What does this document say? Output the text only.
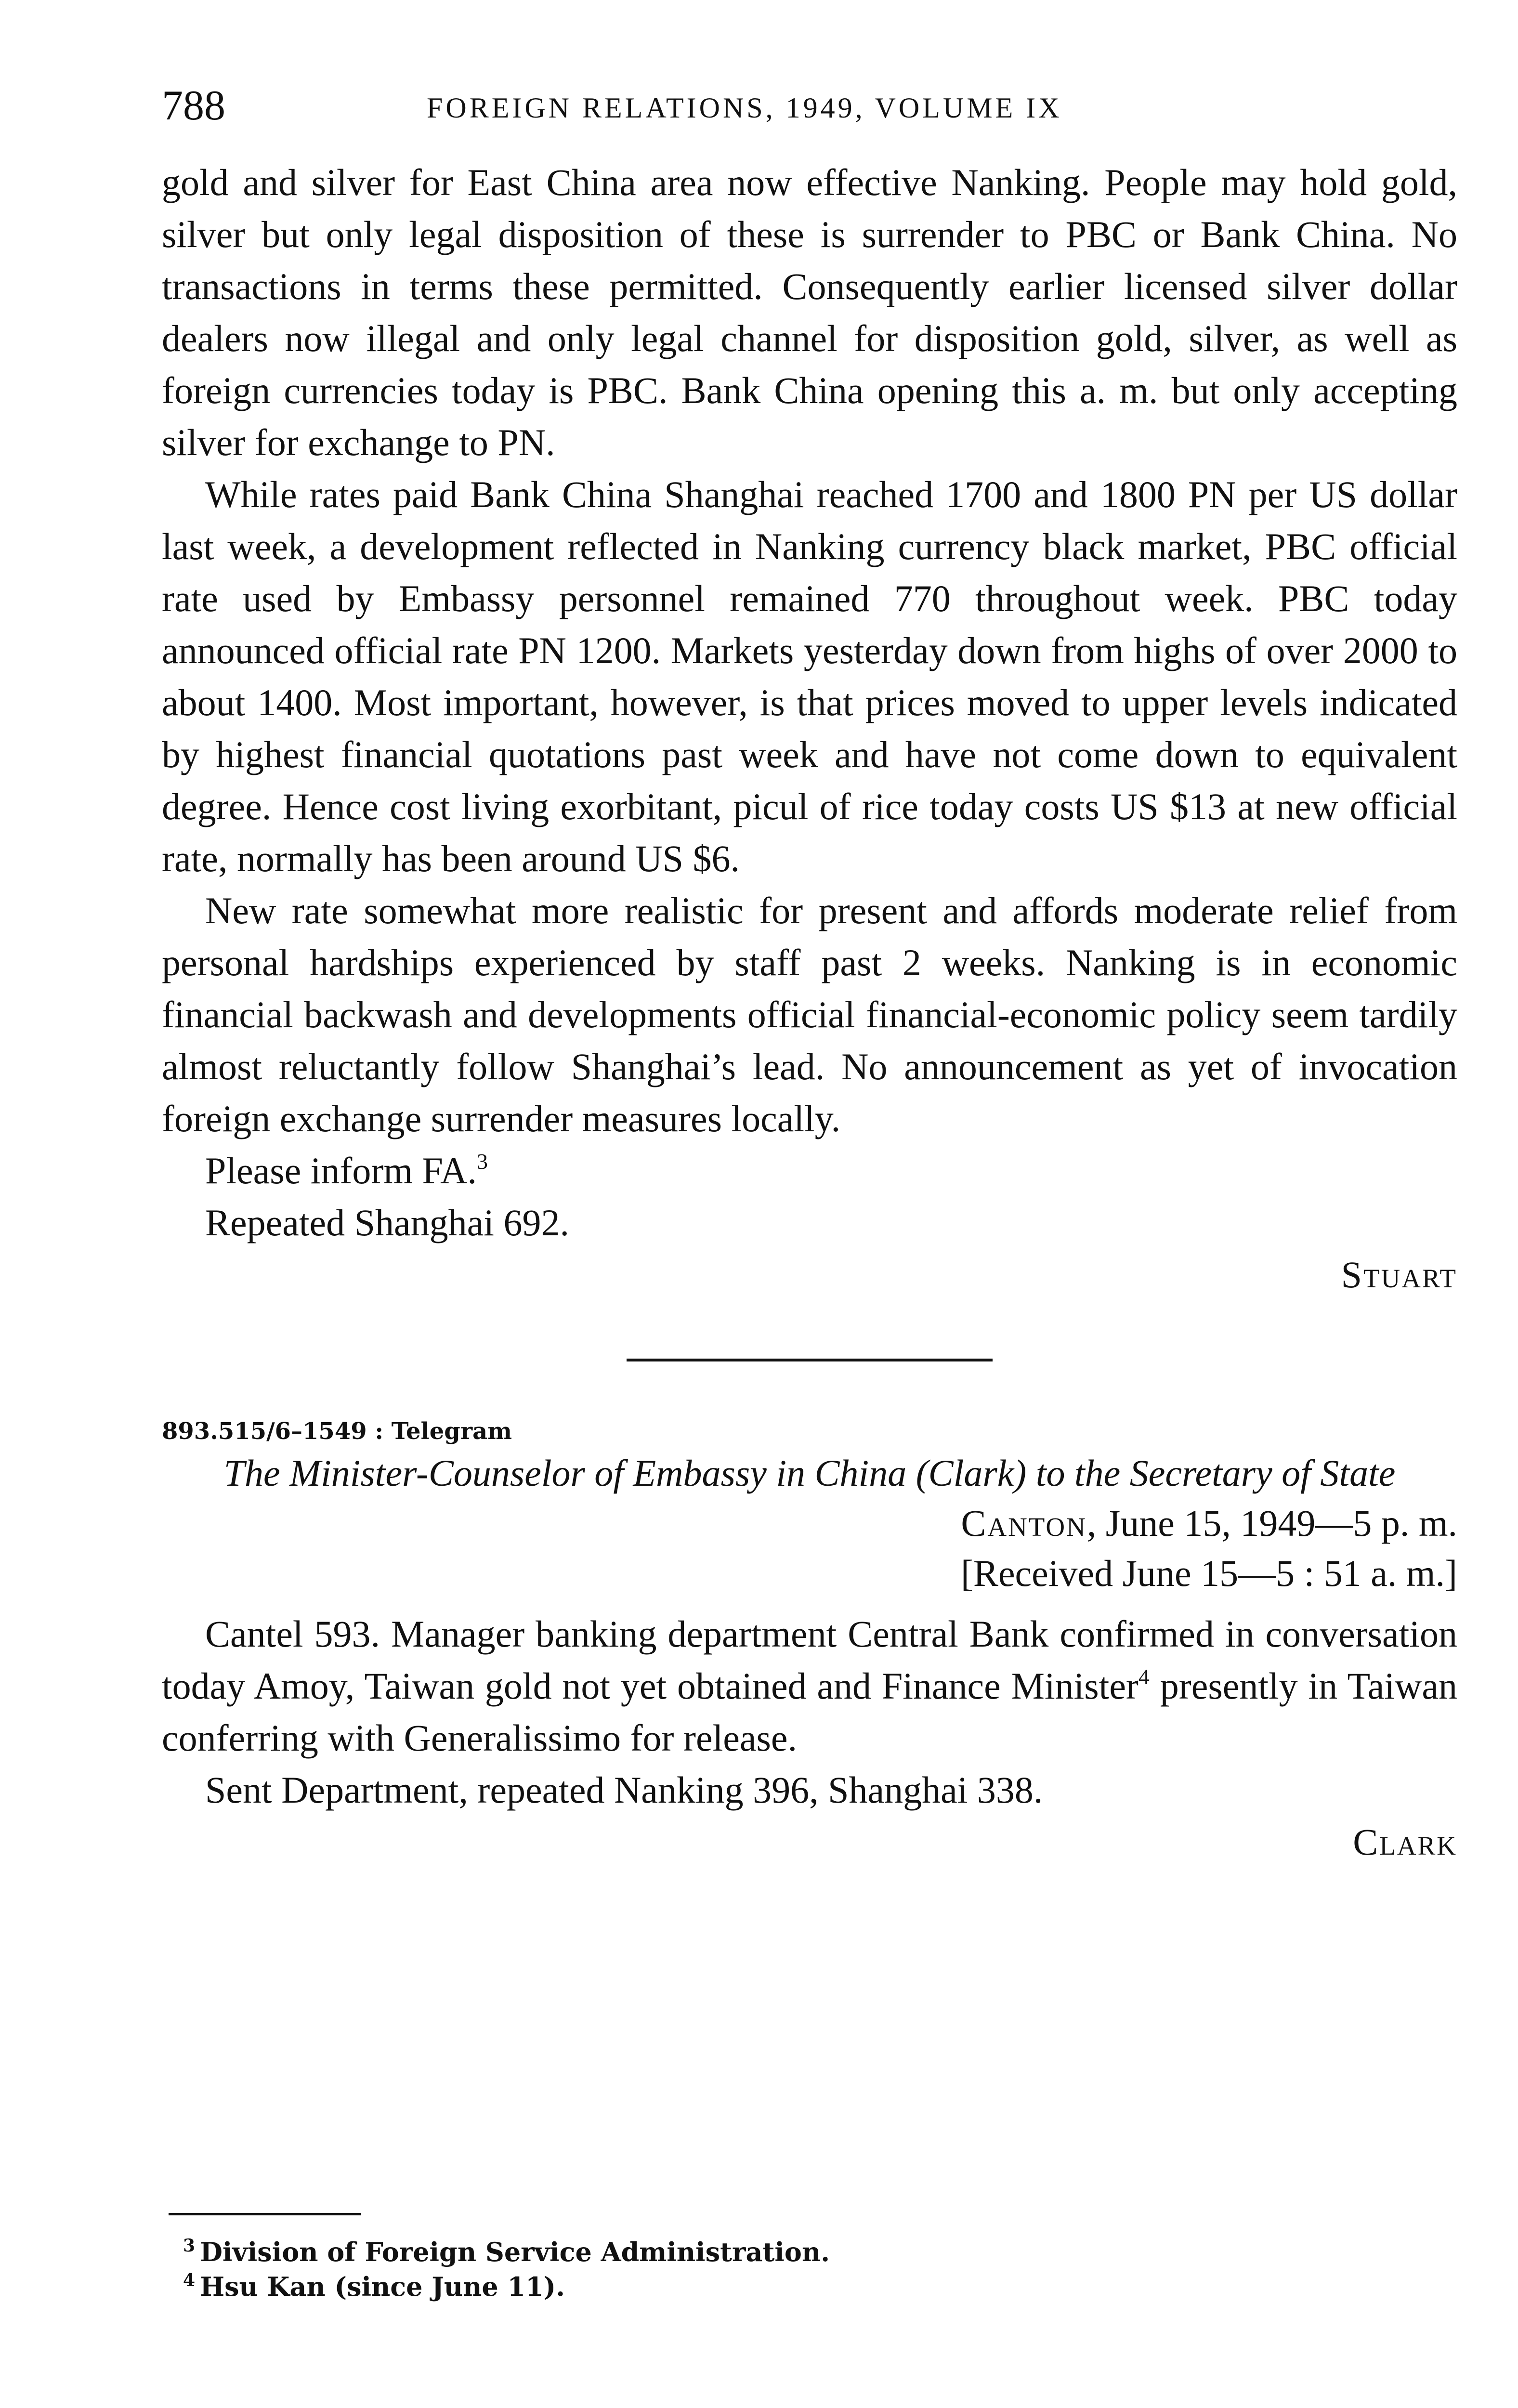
788	FOREIGN RELATIONS, 1949, VOLUME IX

gold and silver for East China area now effective Nanking. People may hold gold, silver but only legal disposition of these is surrender to PBC or Bank China. No transactions in terms these permitted. Consequently earlier licensed silver dollar dealers now illegal and only legal channel for disposition gold, silver, as well as foreign currencies today is PBC. Bank China opening this a. m. but only accepting silver for exchange to PN.

While rates paid Bank China Shanghai reached 1700 and 1800 PN per US dollar last week, a development reflected in Nanking currency black market, PBC official rate used by Embassy personnel remained 770 throughout week. PBC today announced official rate PN 1200. Markets yesterday down from highs of over 2000 to about 1400. Most important, however, is that prices moved to upper levels indicated by highest financial quotations past week and have not come down to equivalent degree. Hence cost living exorbitant, picul of rice today costs US $13 at new official rate, normally has been around US $6.

New rate somewhat more realistic for present and affords moderate relief from personal hardships experienced by staff past 2 weeks. Nanking is in economic financial backwash and developments official financial-economic policy seem tardily almost reluctantly follow Shanghai’s lead. No announcement as yet of invocation foreign exchange surrender measures locally.

Please inform FA.$^3$

Repeated Shanghai 692.

Stuart

893.515/6–1549 : Telegram

The Minister-Counselor of Embassy in China (Clark) to the Secretary of State

Canton, June 15, 1949—5 p. m.

[Received June 15—5 : 51 a. m.]

Cantel 593. Manager banking department Central Bank confirmed in conversation today Amoy, Taiwan gold not yet obtained and Finance Minister$^4$ presently in Taiwan conferring with Generalissimo for release.

Sent Department, repeated Nanking 396, Shanghai 338.

Clark

$^3$ Division of Foreign Service Administration.

$^4$ Hsu Kan (since June 11).
